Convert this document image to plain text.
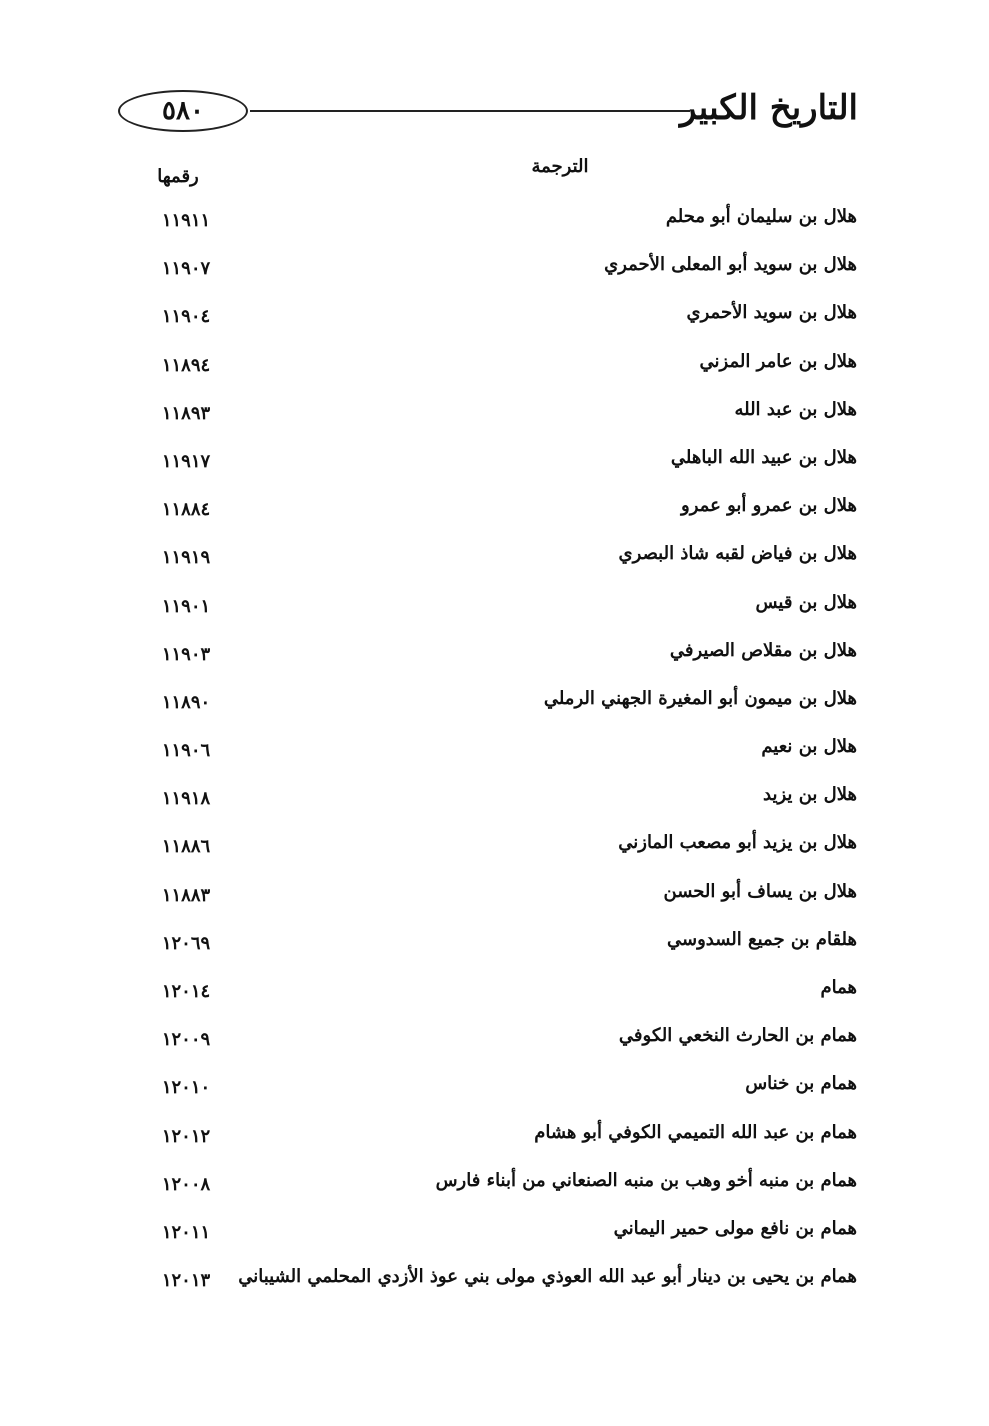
التاريخ الكبير
٥٨٠
الترجمة
رقمها
هلال بن سليمان أبو محلم
١١٩١١
هلال بن سويد أبو المعلى الأحمري
١١٩٠٧
هلال بن سويد الأحمري
١١٩٠٤
هلال بن عامر المزني
١١٨٩٤
هلال بن عبد الله
١١٨٩٣
هلال بن عبيد الله الباهلي
١١٩١٧
هلال بن عمرو أبو عمرو
١١٨٨٤
هلال بن فياض لقبه شاذ البصري
١١٩١٩
هلال بن قيس
١١٩٠١
هلال بن مقلاص الصيرفي
١١٩٠٣
هلال بن ميمون أبو المغيرة الجهني الرملي
١١٨٩٠
هلال بن نعيم
١١٩٠٦
هلال بن يزيد
١١٩١٨
هلال بن يزيد أبو مصعب المازني
١١٨٨٦
هلال بن يساف أبو الحسن
١١٨٨٣
هلقام بن جميع السدوسي
١٢٠٦٩
همام
١٢٠١٤
همام بن الحارث النخعي الكوفي
١٢٠٠٩
همام بن خناس
١٢٠١٠
همام بن عبد الله التميمي الكوفي أبو هشام
١٢٠١٢
همام بن منبه أخو وهب بن منبه الصنعاني من أبناء فارس
١٢٠٠٨
همام بن نافع مولى حمير اليماني
١٢٠١١
همام بن يحيى بن دينار أبو عبد الله العوذي مولى بني عوذ الأزدي المحلمي الشيباني
١٢٠١٣
